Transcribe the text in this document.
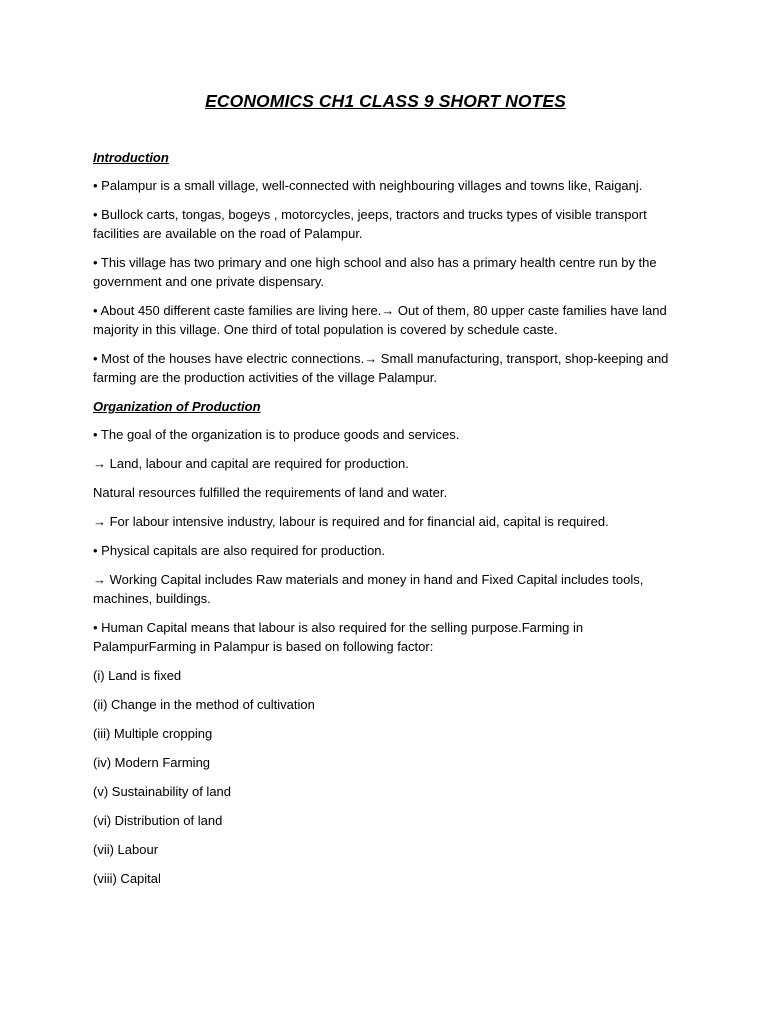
ECONOMICS CH1 CLASS 9 SHORT NOTES
Introduction

• Palampur is a small village, well-connected with neighbouring villages and towns like, Raiganj.

• Bullock carts, tongas, bogeys , motorcycles, jeeps, tractors and trucks types of visible transport facilities are available on the road of Palampur.

• This village has two primary and one high school and also has a primary health centre run by the government and one private dispensary.

• About 450 different caste families are living here.→ Out of them, 80 upper caste families have land majority in this village. One third of total population is covered by schedule caste.

• Most of the houses have electric connections.→ Small manufacturing, transport, shop-keeping and farming are the production activities of the village Palampur.

Organization of Production

• The goal of the organization is to produce goods and services.

→ Land, labour and capital are required for production.

Natural resources fulfilled the requirements of land and water.

→ For labour intensive industry, labour is required and for financial aid, capital is required.

• Physical capitals are also required for production.

→ Working Capital includes Raw materials and money in hand and Fixed Capital includes tools, machines, buildings.

• Human Capital means that labour is also required for the selling purpose.Farming in PalampurFarming in Palampur is based on following factor:

(i) Land is fixed

(ii) Change in the method of cultivation

(iii) Multiple cropping

(iv) Modern Farming

(v) Sustainability of land

(vi) Distribution of land

(vii) Labour

(viii) Capital
